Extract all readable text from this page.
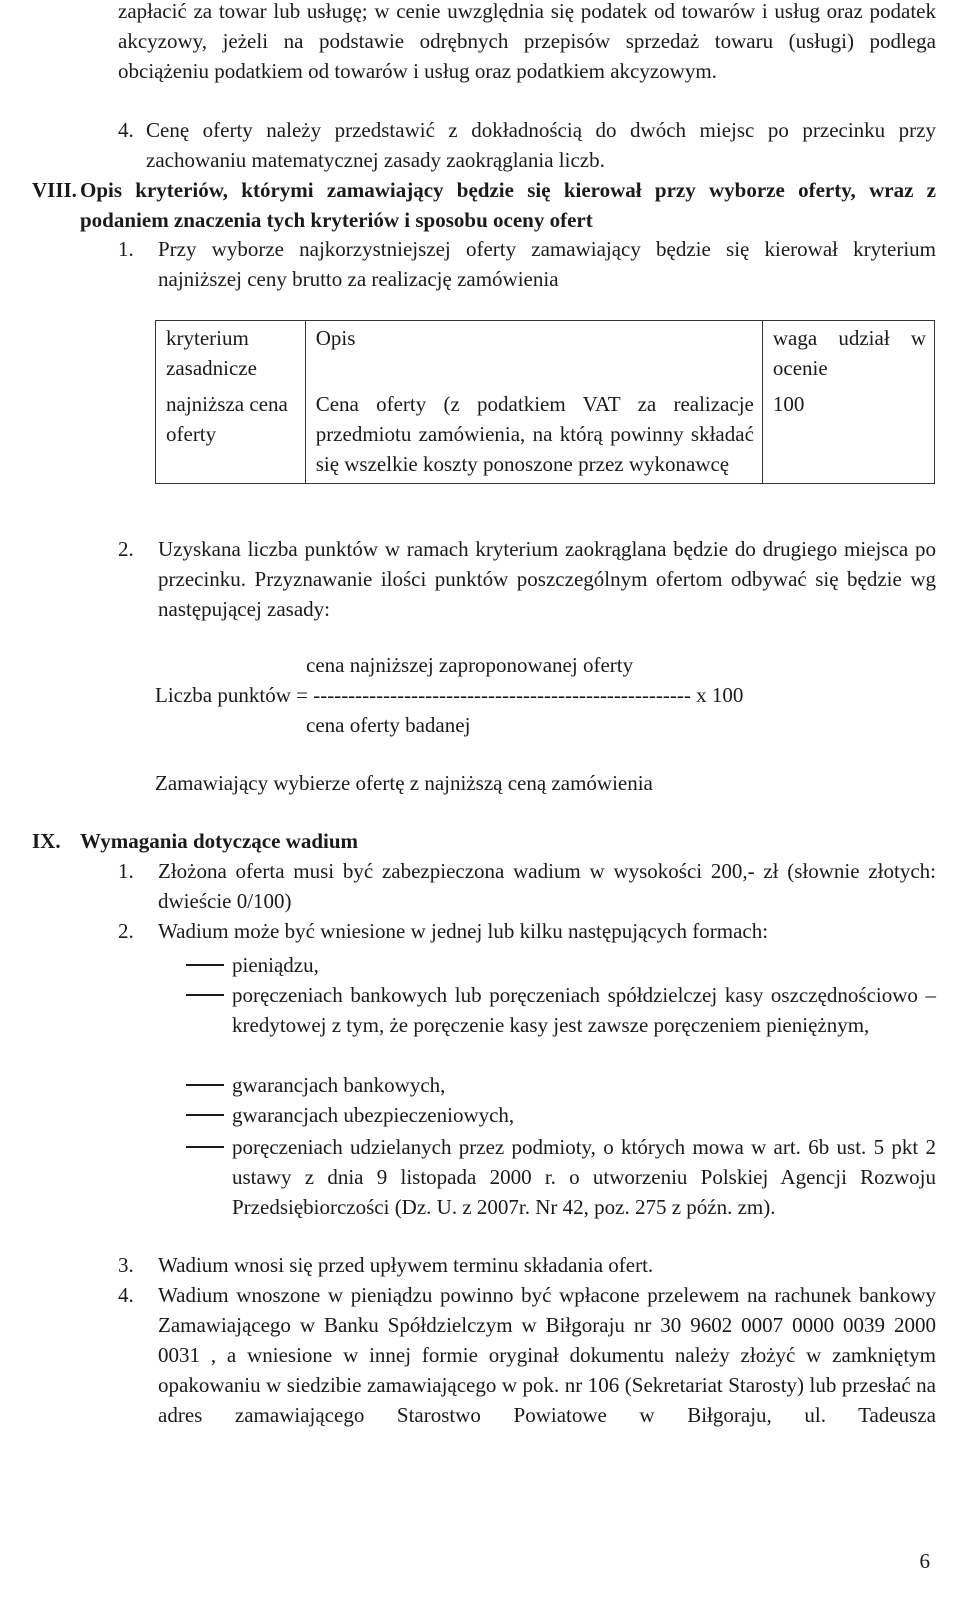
zapłacić za towar lub usługę; w cenie uwzględnia się podatek od towarów i usług oraz podatek akcyzowy, jeżeli na podstawie odrębnych przepisów sprzedaż towaru (usługi) podlega obciążeniu podatkiem od towarów i usług oraz podatkiem akcyzowym.
4. Cenę oferty należy przedstawić z dokładnością do dwóch miejsc po przecinku przy zachowaniu matematycznej zasady zaokrąglania liczb.
VIII. Opis kryteriów, którymi zamawiający będzie się kierował przy wyborze oferty, wraz z podaniem znaczenia tych kryteriów i sposobu oceny ofert
1. Przy wyborze najkorzystniejszej oferty zamawiający będzie się kierował kryterium najniższej ceny brutto za realizację zamówienia
kryterium zasadnicze	Opis	waga udział w ocenie
najniższa cena oferty	Cena oferty (z podatkiem VAT za realizacje przedmiotu zamówienia, na którą powinny składać się wszelkie koszty ponoszone przez wykonawcę	100
2. Uzyskana liczba punktów w ramach kryterium zaokrąglana będzie do drugiego miejsca po przecinku. Przyznawanie ilości punktów poszczególnym ofertom odbywać się będzie wg następującej zasady:
cena najniższej zaproponowanej oferty
Liczba punktów = ------------------------------------------------------ x 100
cena oferty badanej
Zamawiający wybierze ofertę z najniższą ceną zamówienia
IX. Wymagania dotyczące wadium
1. Złożona oferta musi być zabezpieczona wadium w wysokości 200,- zł (słownie złotych: dwieście 0/100)
2. Wadium może być wniesione w jednej lub kilku następujących formach:
pieniądzu,
poręczeniach bankowych lub poręczeniach spółdzielczej kasy oszczędnościowo – kredytowej z tym, że poręczenie kasy jest zawsze poręczeniem pieniężnym,
gwarancjach bankowych,
gwarancjach ubezpieczeniowych,
poręczeniach udzielanych przez podmioty, o których mowa w art. 6b ust. 5 pkt 2 ustawy z dnia 9 listopada 2000 r. o utworzeniu Polskiej Agencji Rozwoju Przedsiębiorczości (Dz. U. z 2007r. Nr 42, poz. 275 z późn. zm).
3. Wadium wnosi się przed upływem terminu składania ofert.
4. Wadium wnoszone w pieniądzu powinno być wpłacone przelewem na rachunek bankowy Zamawiającego w Banku Spółdzielczym w Biłgoraju nr 30 9602 0007 0000 0039 2000 0031 , a wniesione w innej formie oryginał dokumentu należy złożyć w zamkniętym opakowaniu w siedzibie zamawiającego w pok. nr 106 (Sekretariat Starosty) lub przesłać na adres zamawiającego Starostwo Powiatowe w Biłgoraju, ul. Tadeusza
6
